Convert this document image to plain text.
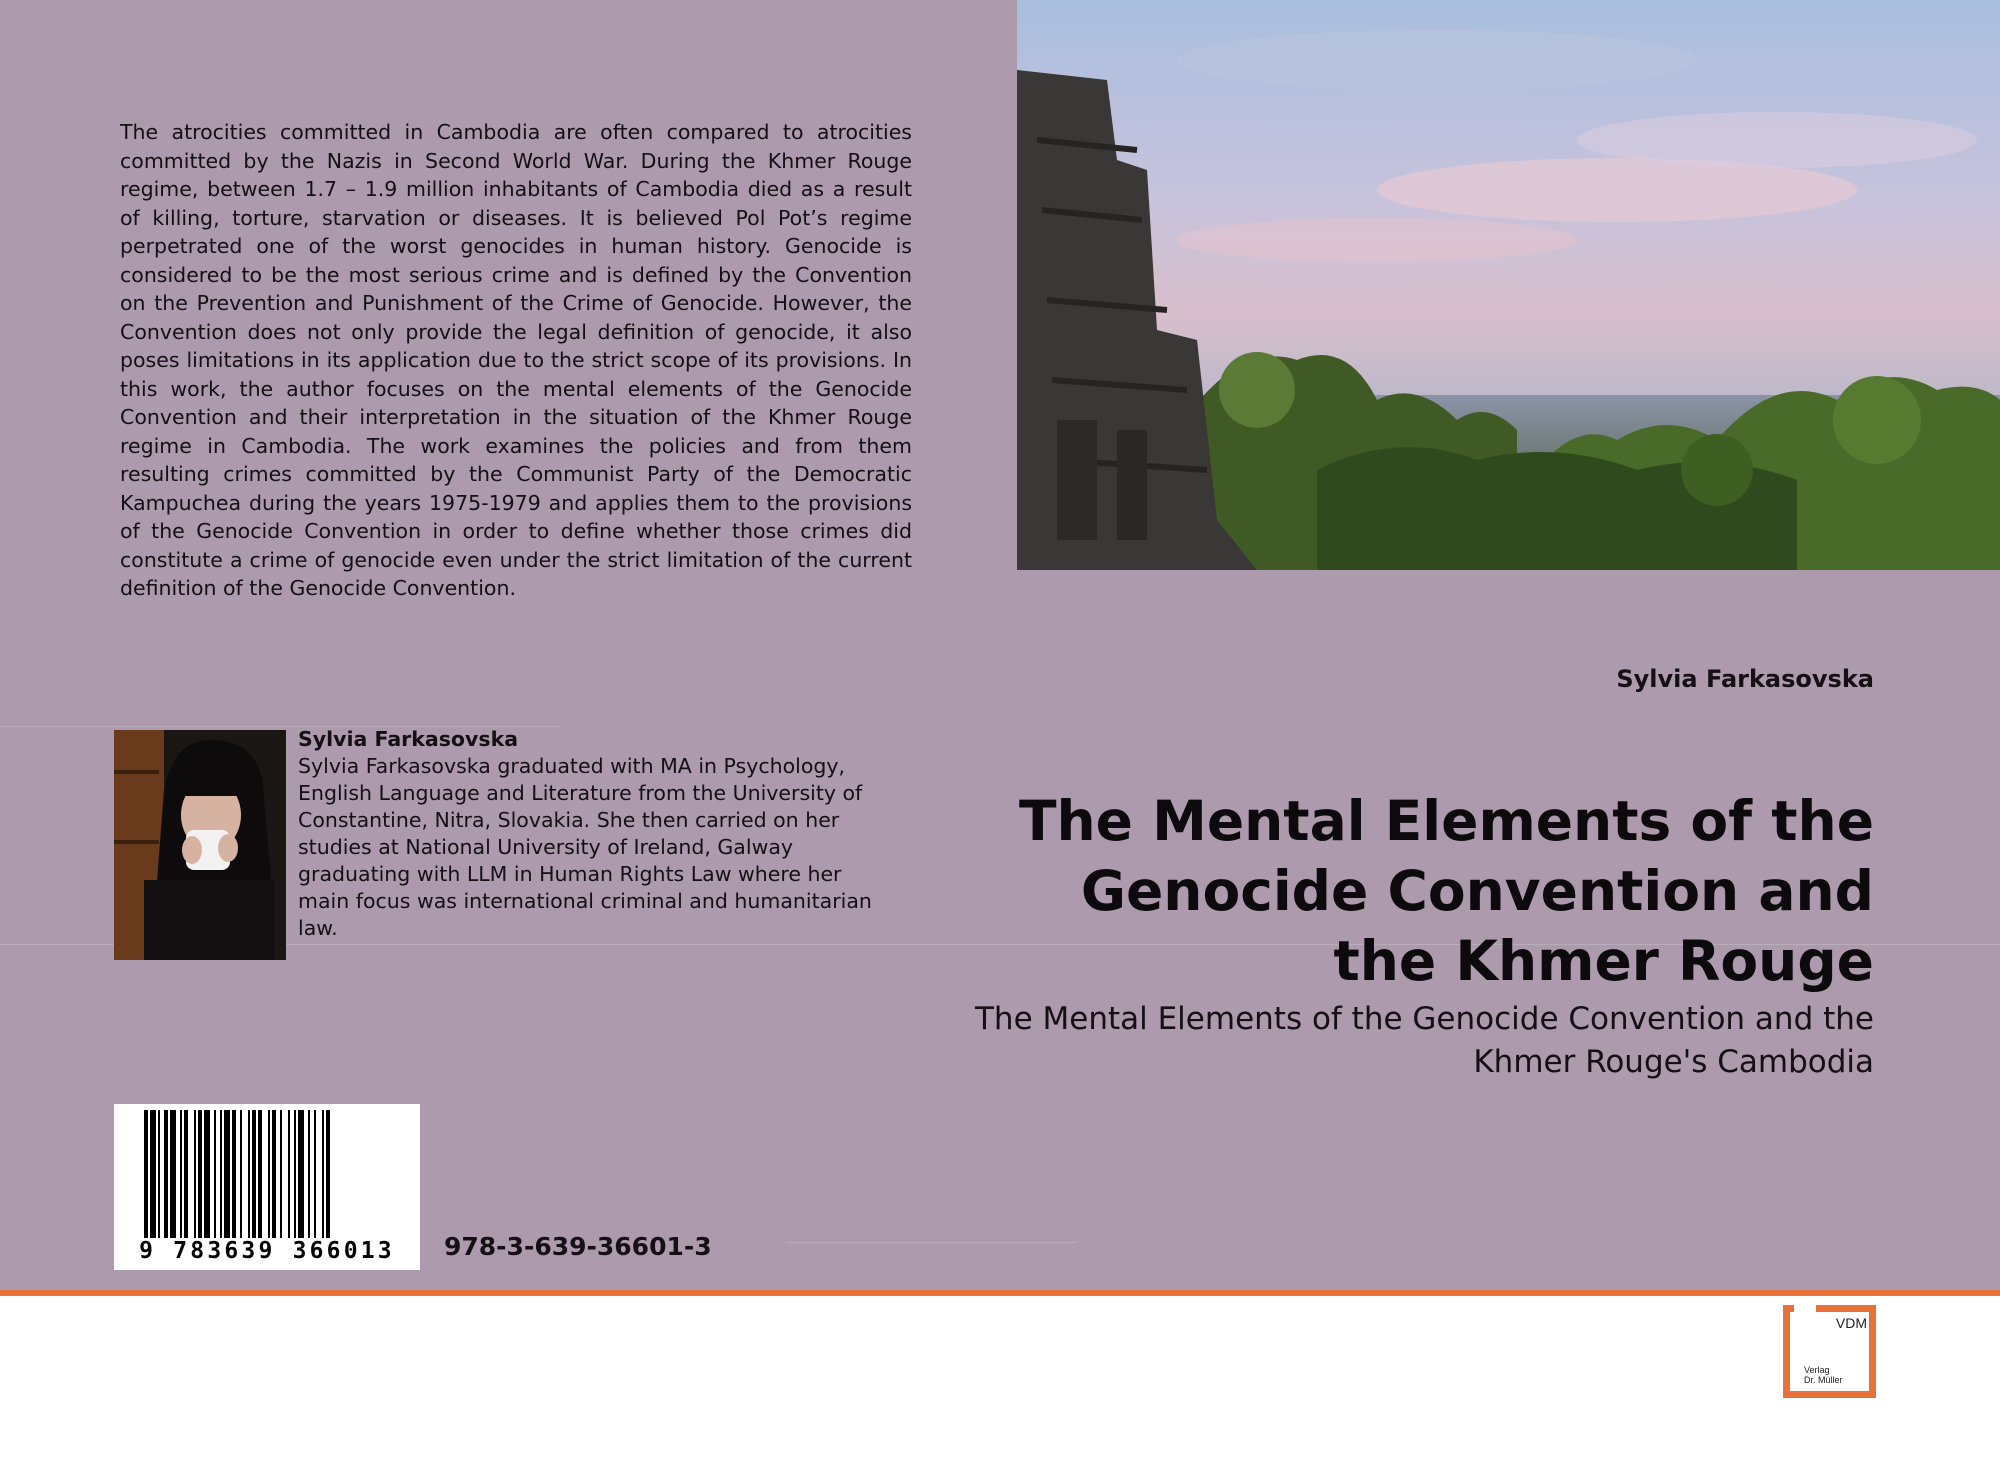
The atrocities committed in Cambodia are often compared to atrocities committed by the Nazis in Second World War. During the Khmer Rouge regime, between 1.7 – 1.9 million inhabitants of Cambodia died as a result of killing, torture, starvation or diseases. It is believed Pol Pot’s regime perpetrated one of the worst genocides in human history. Genocide is considered to be the most serious crime and is defined by the Convention on the Prevention and Punishment of the Crime of Genocide. However, the Convention does not only provide the legal definition of genocide, it also poses limitations in its application due to the strict scope of its provisions. In this work, the author focuses on the mental elements of the Genocide Convention and their interpretation in the situation of the Khmer Rouge regime in Cambodia. The work examines the policies and from them resulting crimes committed by the Communist Party of the Democratic Kampuchea during the years 1975-1979 and applies them to the provisions of the Genocide Convention in order to define whether those crimes did constitute a crime of genocide even under the strict limitation of the current definition of the Genocide Convention.
Sylvia Farkasovska
The Mental Elements of the Genocide Convention and the Khmer Rouge
The Mental Elements of the Genocide Convention and the Khmer Rouge's Cambodia
Sylvia Farkasovska
Sylvia Farkasovska graduated with MA in Psychology, English Language and Literature from the University of Constantine, Nitra, Slovakia. She then carried on her studies at National University of Ireland, Galway graduating with LLM in Human Rights Law where her main focus was international criminal and humanitarian law.
9 783639 366013	978-3-639-36601-3
VDM
Verlag
Dr. Müller
